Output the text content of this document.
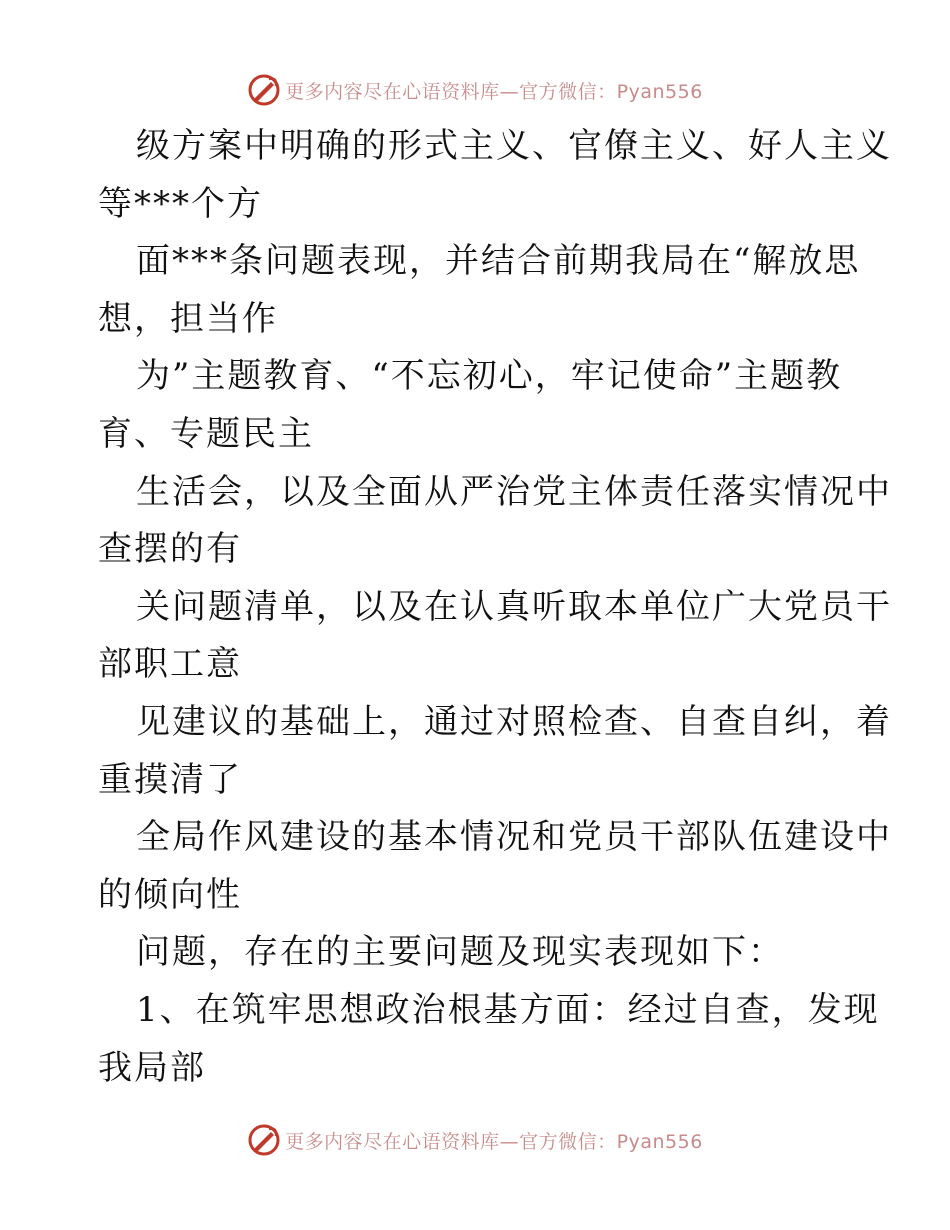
更多内容尽在心语资料库—官方微信：Pyan556
级方案中明确的形式主义、官僚主义、好人主义
等***个方
面***条问题表现，并结合前期我局在“解放思
想，担当作
为”主题教育、“不忘初心，牢记使命”主题教
育、专题民主
生活会，以及全面从严治党主体责任落实情况中
查摆的有
关问题清单，以及在认真听取本单位广大党员干
部职工意
见建议的基础上，通过对照检查、自查自纠，着
重摸清了
全局作风建设的基本情况和党员干部队伍建设中
的倾向性
问题，存在的主要问题及现实表现如下：
1、在筑牢思想政治根基方面：经过自查，发现
我局部
更多内容尽在心语资料库—官方微信：Pyan556
